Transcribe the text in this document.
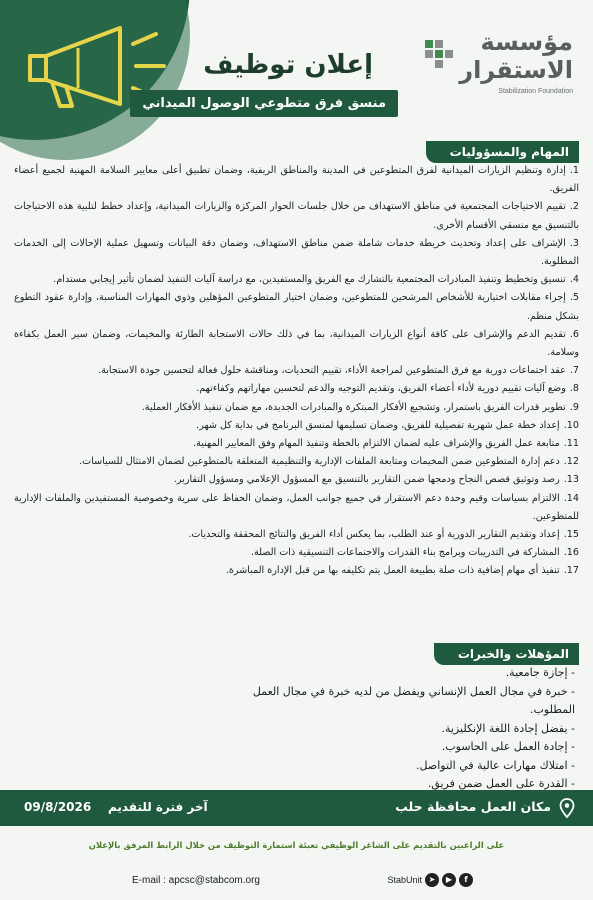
مؤسسة
الاستقرار
Stabilization Foundation
إعلان توظيف
منسق فرق متطوعي الوصول الميداني
المهام والمسؤوليات
1.إدارة وتنظيم الزيارات الميدانية لفرق المتطوعين في المدينة والمناطق الريفية، وضمان تطبيق أعلى معايير السلامة المهنية لجميع أعضاء الفريق.
2.تقييم الاحتياجات المجتمعية في مناطق الاستهداف من خلال جلسات الحوار المركزة والزيارات الميدانية، وإعداد خطط لتلبية هذه الاحتياجات بالتنسيق مع منسقي الأقسام الأخرى.
3.الإشراف على إعداد وتحديث خريطة خدمات شاملة ضمن مناطق الاستهداف، وضمان دقة البيانات وتسهيل عملية الإحالات إلى الخدمات المطلوبة.
4.تنسيق وتخطيط وتنفيذ المبادرات المجتمعية بالتشارك مع الفريق والمستفيدين، مع دراسة آليات التنفيذ لضمان تأثير إيجابي مستدام.
5.إجراء مقابلات اختيارية للأشخاص المرشحين للمتطوعين، وضمان اختيار المتطوعين المؤهلين وذوي المهارات المناسبة، وإدارة عقود التطوع بشكل منظم.
6.تقديم الدعم والإشراف على كافة أنواع الزيارات الميدانية، بما في ذلك حالات الاستجابة الطارئة والمخيمات، وضمان سير العمل بكفاءة وسلامة.
7.عقد اجتماعات دورية مع فرق المتطوعين لمراجعة الأداء، تقييم التحديات، ومناقشة حلول فعالة لتحسين جودة الاستجابة.
8.وضع آليات تقييم دورية لأداء أعضاء الفريق، وتقديم التوجيه والدعم لتحسين مهاراتهم وكفاءتهم.
9.تطوير قدرات الفريق باستمرار، وتشجيع الأفكار المبتكرة والمبادرات الجديدة، مع ضمان تنفيذ الأفكار العملية.
10.إعداد خطة عمل شهرية تفصيلية للفريق، وضمان تسليمها لمنسق البرنامج في بداية كل شهر.
11.متابعة عمل الفريق والإشراف عليه لضمان الالتزام بالخطة وتنفيذ المهام وفق المعايير المهنية.
12.دعم إدارة المتطوعين ضمن المخيمات ومتابعة الملفات الإدارية والتنظيمية المتعلقة بالمتطوعين لضمان الامتثال للسياسات.
13.رصد وتوثيق قصص النجاح ودمجها ضمن التقارير بالتنسيق مع المسؤول الإعلامي ومسؤول التقارير.
14.الالتزام بسياسات وقيم وحدة دعم الاستقرار في جميع جوانب العمل، وضمان الحفاظ على سرية وخصوصية المستفيدين والملفات الإدارية للمتطوعين.
15.إعداد وتقديم التقارير الدورية أو عند الطلب، بما يعكس أداء الفريق والنتائج المحققة والتحديات.
16.المشاركة في التدريبات وبرامج بناء القدرات والاجتماعات التنسيقية ذات الصلة.
17.تنفيذ أي مهام إضافية ذات صلة بطبيعة العمل يتم تكليفه بها من قبل الإدارة المباشرة.
المؤهلات والخبرات
- إجازة جامعية.
- خبرة في مجال العمل الإنساني ويفضل من لديه خبرة في مجال العمل المطلوب.
- يفضل إجادة اللغة الإنكليزية.
- إجادة العمل على الحاسوب.
- امتلاك مهارات عالية في التواصل.
- القدرة على العمل ضمن فريق.
مكان العمل محافظة حلب
آخر فترة للتقديم    09/8/2026
على الراغبين بالتقديم على الشاغر الوظيفي تعبئة استمارة التوظيف من خلال الرابط المرفق بالإعلان
E-mail : apcsc@stabcom.org	StabUnit ➤	▶	f
